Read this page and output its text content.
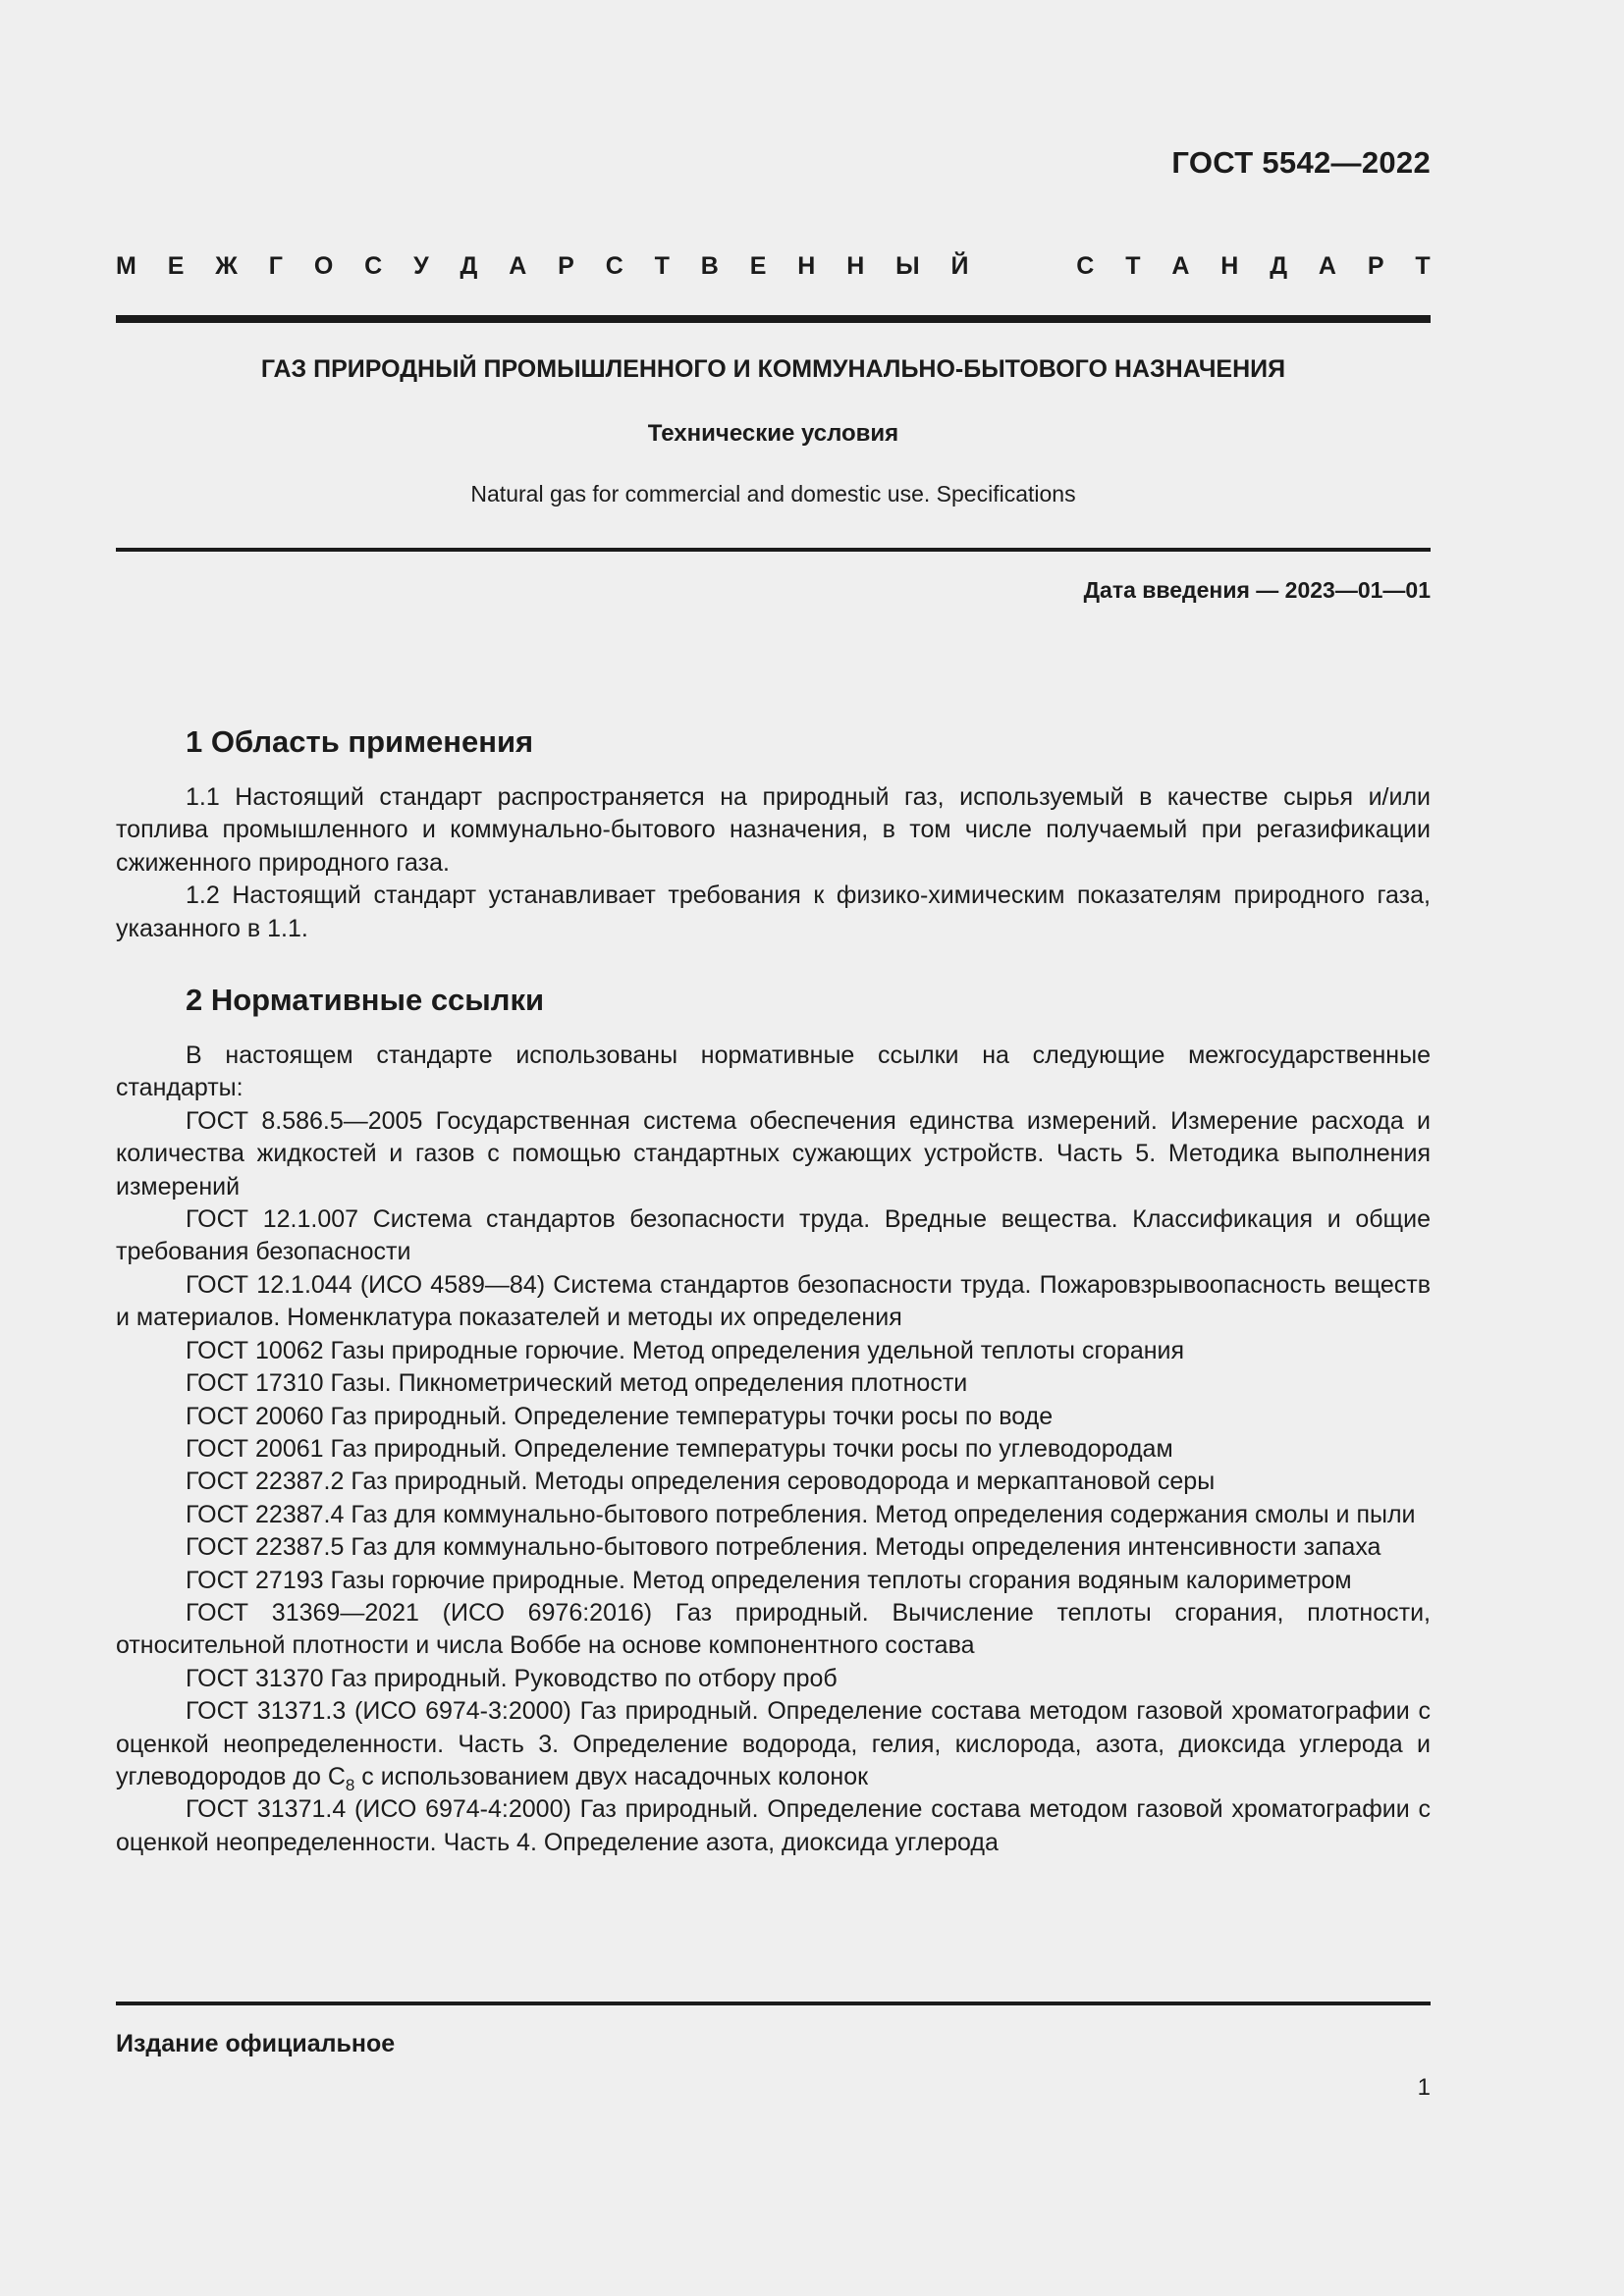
ГОСТ 5542—2022
М Е Ж Г О С У Д А Р С Т В Е Н Н Ы Й	С Т А Н Д А Р Т
ГАЗ ПРИРОДНЫЙ ПРОМЫШЛЕННОГО И КОММУНАЛЬНО-БЫТОВОГО НАЗНАЧЕНИЯ
Технические условия
Natural gas for commercial and domestic use. Specifications
Дата введения — 2023—01—01
1 Область применения

1.1 Настоящий стандарт распространяется на природный газ, используемый в качестве сырья и/или топлива промышленного и коммунально-бытового назначения, в том числе получаемый при регазификации сжиженного природного газа.

1.2 Настоящий стандарт устанавливает требования к физико-химическим показателям природного газа, указанного в 1.1.

2 Нормативные ссылки

В настоящем стандарте использованы нормативные ссылки на следующие межгосударственные стандарты:

ГОСТ 8.586.5—2005 Государственная система обеспечения единства измерений. Измерение расхода и количества жидкостей и газов с помощью стандартных сужающих устройств. Часть 5. Методика выполнения измерений

ГОСТ 12.1.007 Система стандартов безопасности труда. Вредные вещества. Классификация и общие требования безопасности

ГОСТ 12.1.044 (ИСО 4589—84) Система стандартов безопасности труда. Пожаровзрывоопасность веществ и материалов. Номенклатура показателей и методы их определения

ГОСТ 10062 Газы природные горючие. Метод определения удельной теплоты сгорания

ГОСТ 17310 Газы. Пикнометрический метод определения плотности

ГОСТ 20060 Газ природный. Определение температуры точки росы по воде

ГОСТ 20061 Газ природный. Определение температуры точки росы по углеводородам

ГОСТ 22387.2 Газ природный. Методы определения сероводорода и меркаптановой серы

ГОСТ 22387.4 Газ для коммунально-бытового потребления. Метод определения содержания смолы и пыли

ГОСТ 22387.5 Газ для коммунально-бытового потребления. Методы определения интенсивности запаха

ГОСТ 27193 Газы горючие природные. Метод определения теплоты сгорания водяным калориметром

ГОСТ 31369—2021 (ИСО 6976:2016) Газ природный. Вычисление теплоты сгорания, плотности, относительной плотности и числа Воббе на основе компонентного состава

ГОСТ 31370 Газ природный. Руководство по отбору проб

ГОСТ 31371.3 (ИСО 6974-3:2000) Газ природный. Определение состава методом газовой хроматографии с оценкой неопределенности. Часть 3. Определение водорода, гелия, кислорода, азота, диоксида углерода и углеводородов до $C_8$ с использованием двух насадочных колонок

ГОСТ 31371.4 (ИСО 6974-4:2000) Газ природный. Определение состава методом газовой хроматографии с оценкой неопределенности. Часть 4. Определение азота, диоксида углерода

Издание официальное
1
